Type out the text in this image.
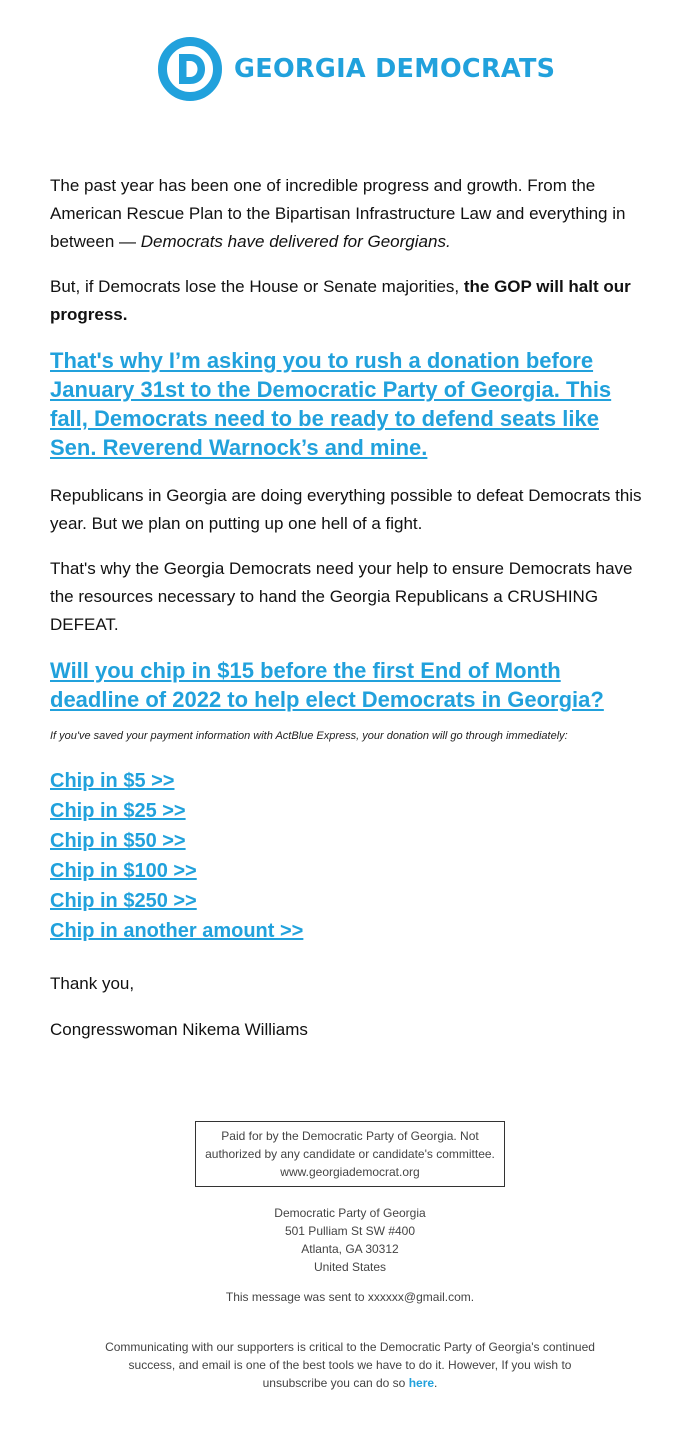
GEORGIA DEMOCRATS

The past year has been one of incredible progress and growth. From the American Rescue Plan to the Bipartisan Infrastructure Law and everything in between — Democrats have delivered for Georgians.

But, if Democrats lose the House or Senate majorities, the GOP will halt our progress.

That's why I’m asking you to rush a donation before January 31st to the Democratic Party of Georgia. This fall, Democrats need to be ready to defend seats like Sen. Reverend Warnock’s and mine.

Republicans in Georgia are doing everything possible to defeat Democrats this year. But we plan on putting up one hell of a fight.

That's why the Georgia Democrats need your help to ensure Democrats have the resources necessary to hand the Georgia Republicans a CRUSHING DEFEAT.

Will you chip in $15 before the first End of Month deadline of 2022 to help elect Democrats in Georgia?

If you've saved your payment information with ActBlue Express, your donation will go through immediately:

Chip in $5 >>
Chip in $25 >>
Chip in $50 >>
Chip in $100 >>
Chip in $250 >>
Chip in another amount >>

Thank you,

Congresswoman Nikema Williams

Paid for by the Democratic Party of Georgia. Not
authorized by any candidate or candidate's committee.
www.georgiademocrat.org
Democratic Party of Georgia
501 Pulliam St SW #400
Atlanta, GA 30312
United States
This message was sent to xxxxxx@gmail.com.
Communicating with our supporters is critical to the Democratic Party of Georgia's continued success, and email is one of the best tools we have to do it. However, If you wish to unsubscribe you can do so here.
